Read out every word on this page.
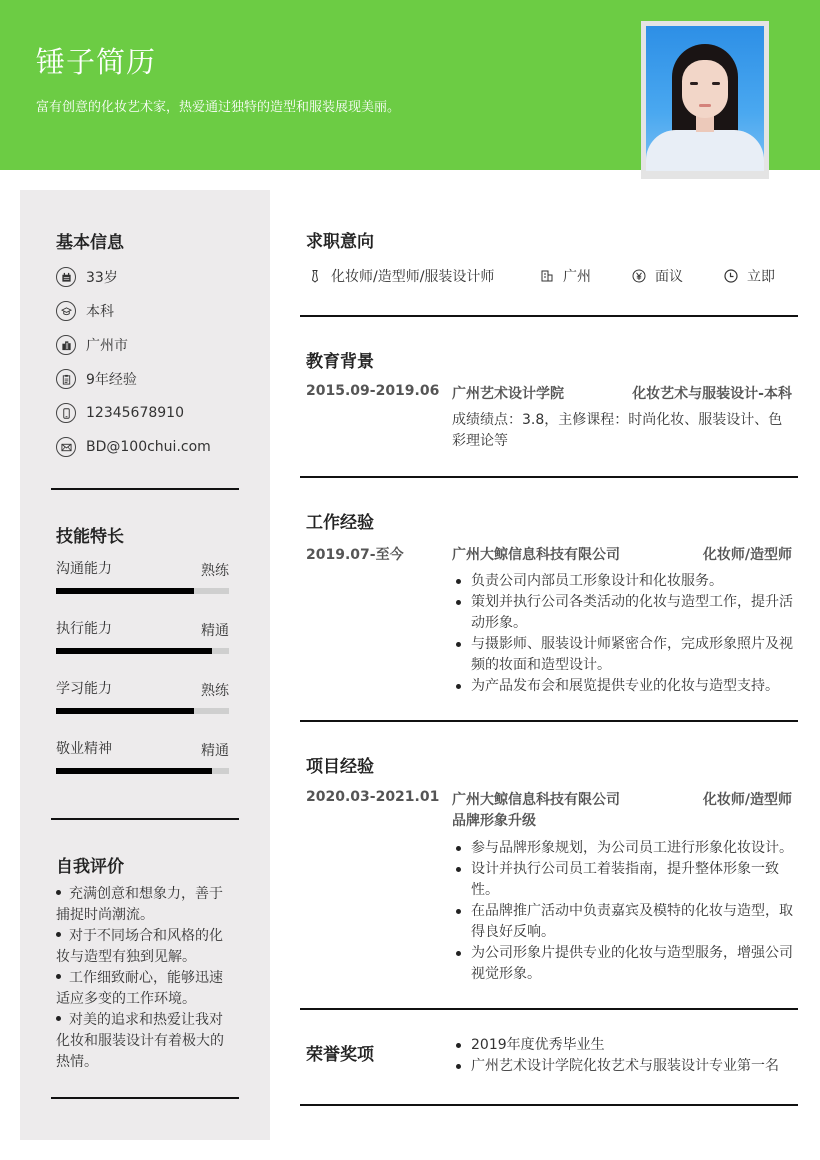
锤子简历
富有创意的化妆艺术家，热爱通过独特的造型和服装展现美丽。
基本信息
33岁
本科
广州市
9年经验
12345678910
BD@100chui.com
技能特长
沟通能力	熟练
执行能力	精通
学习能力	熟练
敬业精神	精通
自我评价
充满创意和想象力，善于捕捉时尚潮流。
对于不同场合和风格的化妆与造型有独到见解。
工作细致耐心，能够迅速适应多变的工作环境。
对美的追求和热爱让我对化妆和服装设计有着极大的热情。
求职意向
化妆师/造型师/服装设计师	广州	面议	立即
教育背景
2015.09-2019.06 广州艺术设计学院	化妆艺术与服装设计-本科
成绩绩点：3.8，主修课程：时尚化妆、服装设计、色彩理论等
工作经验
2019.07-至今	广州大鲸信息科技有限公司	化妆师/造型师
负责公司内部员工形象设计和化妆服务。
策划并执行公司各类活动的化妆与造型工作，提升活动形象。
与摄影师、服装设计师紧密合作，完成形象照片及视频的妆面和造型设计。
为产品发布会和展览提供专业的化妆与造型支持。
项目经验
2020.03-2021.01 广州大鲸信息科技有限公司	化妆师/造型师
品牌形象升级
参与品牌形象规划，为公司员工进行形象化妆设计。
设计并执行公司员工着装指南，提升整体形象一致性。
在品牌推广活动中负责嘉宾及模特的化妆与造型，取得良好反响。
为公司形象片提供专业的化妆与造型服务，增强公司视觉形象。
荣誉奖项	2019年度优秀毕业生
广州艺术设计学院化妆艺术与服装设计专业第一名
